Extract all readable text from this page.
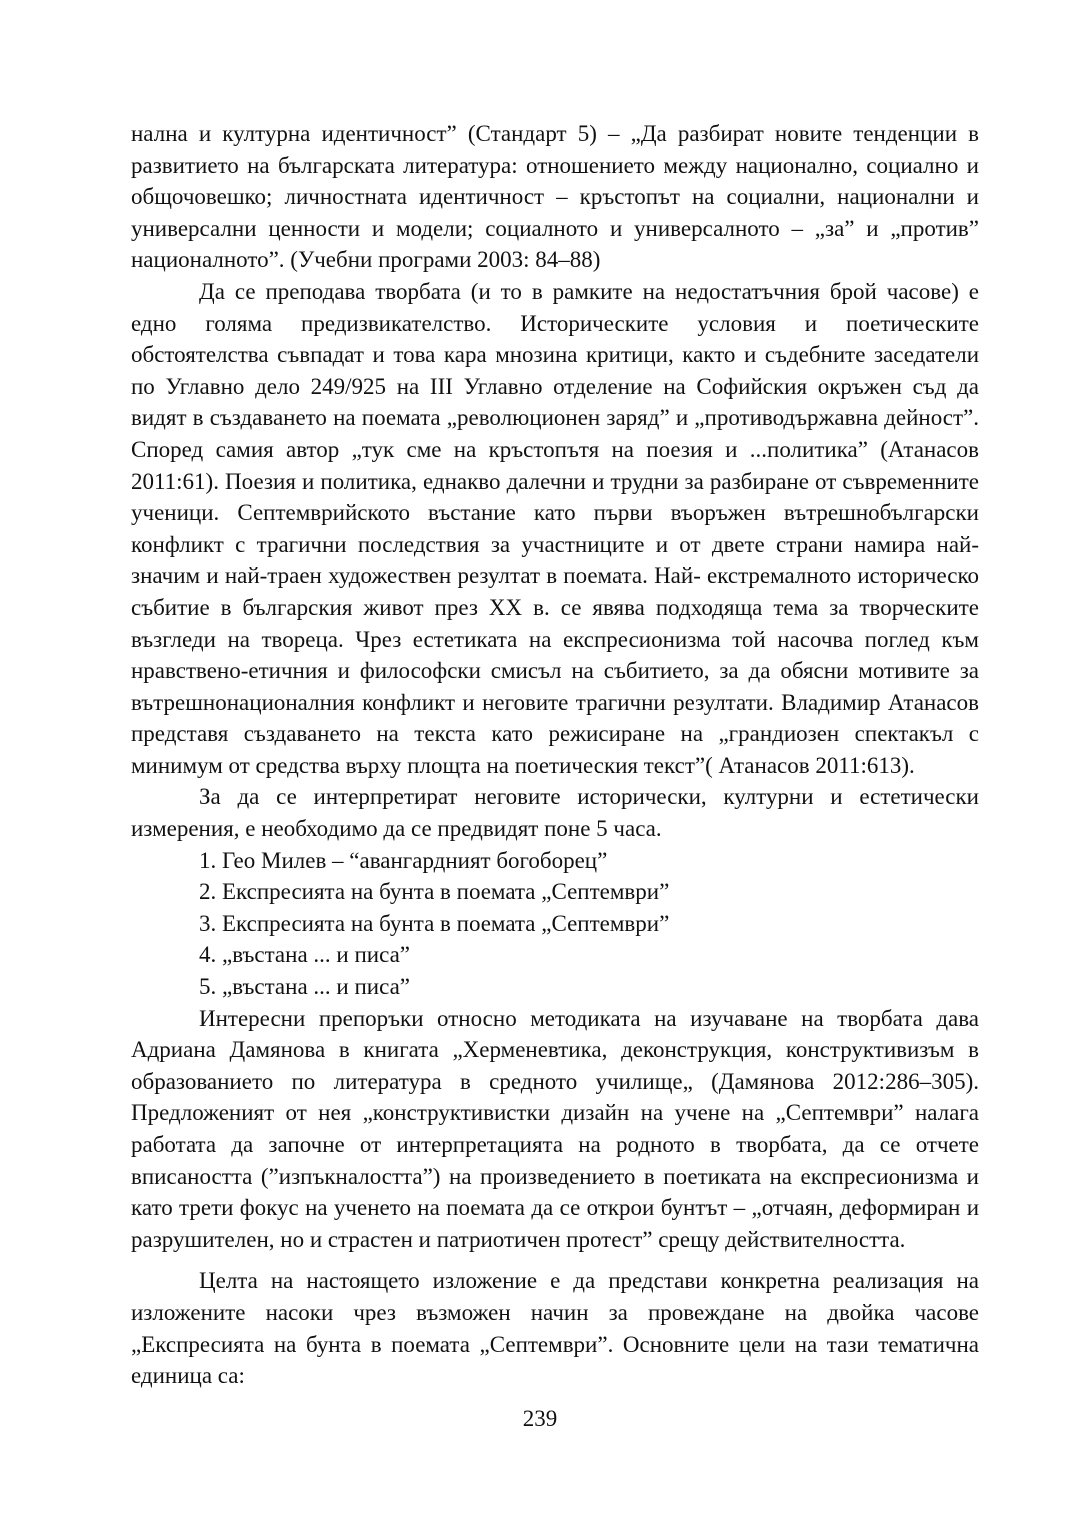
нална и културна идентичност” (Стандарт 5) – „Да разбират новите тенденции в развитието на българската литература: отношението между национално, социално и общочовешко; личностната идентичност – кръстопът на социални, национални и универсални ценности и модели; социалното и универсалното – „за” и „против” националното”. (Учебни програми 2003: 84–88)

Да се преподава творбата (и то в рамките на недостатъчния брой часове) е едно голяма предизвикателство. Историческите условия и поетическите обстоятелства съвпадат и това кара мнозина критици, както и съдебните заседатели по Углавно дело 249/925 на III Углавно отделение на Софийския окръжен съд да видят в създаването на поемата „революционен заряд” и „противодържавна дейност”. Според самия автор „тук сме на кръстопътя на поезия и ...политика” (Атанасов 2011:61). Поезия и политика, еднакво далечни и трудни за разбиране от съвременните ученици. Септемврийското въстание като първи въоръжен вътрешнобългарски конфликт с трагични последствия за участниците и от двете страни намира най-значим и най-траен художествен резултат в поемата. Най- екстремалното историческо събитие в българския живот през XX в. се явява подходяща тема за творческите възгледи на твореца. Чрез естетиката на експресионизма той насочва поглед към нравствено-етичния и философски смисъл на събитието, за да обясни мотивите за вътрешнонационалния конфликт и неговите трагични резултати. Владимир Атанасов представя създаването на текста като режисиране на „грандиозен спектакъл с минимум от средства върху площта на поетическия текст”( Атанасов 2011:613).

За да се интерпретират неговите исторически, културни и естетически измерения, е необходимо да се предвидят поне 5 часа.

1. Гео Милев – “авангардният богоборец”
2. Експресията на бунта в поемата „Септември”
3. Експресията на бунта в поемата „Септември”
4. „въстана ... и писа”
5. „въстана ... и писа”

Интересни препоръки относно методиката на изучаване на творбата дава Адриана Дамянова в книгата „Херменевтика, деконструкция, конструктивизъм в образованието по литература в средното училище„ (Дамянова 2012:286–305). Предложеният от нея „конструктивистки дизайн на учене на „Септември” налага работата да започне от интерпретацията на родното в творбата, да се отчете вписаността (”изпъкналостта”) на произведението в поетиката на експресионизма и като трети фокус на ученето на поемата да се открои бунтът – „отчаян, деформиран и разрушителен, но и страстен и патриотичен протест” срещу действителността.

Целта на настоящето изложение е да представи конкретна реализация на изложените насоки чрез възможен начин за провеждане на двойка часове „Експресията на бунта в поемата „Септември”. Основните цели на тази тематична единица са:

239
